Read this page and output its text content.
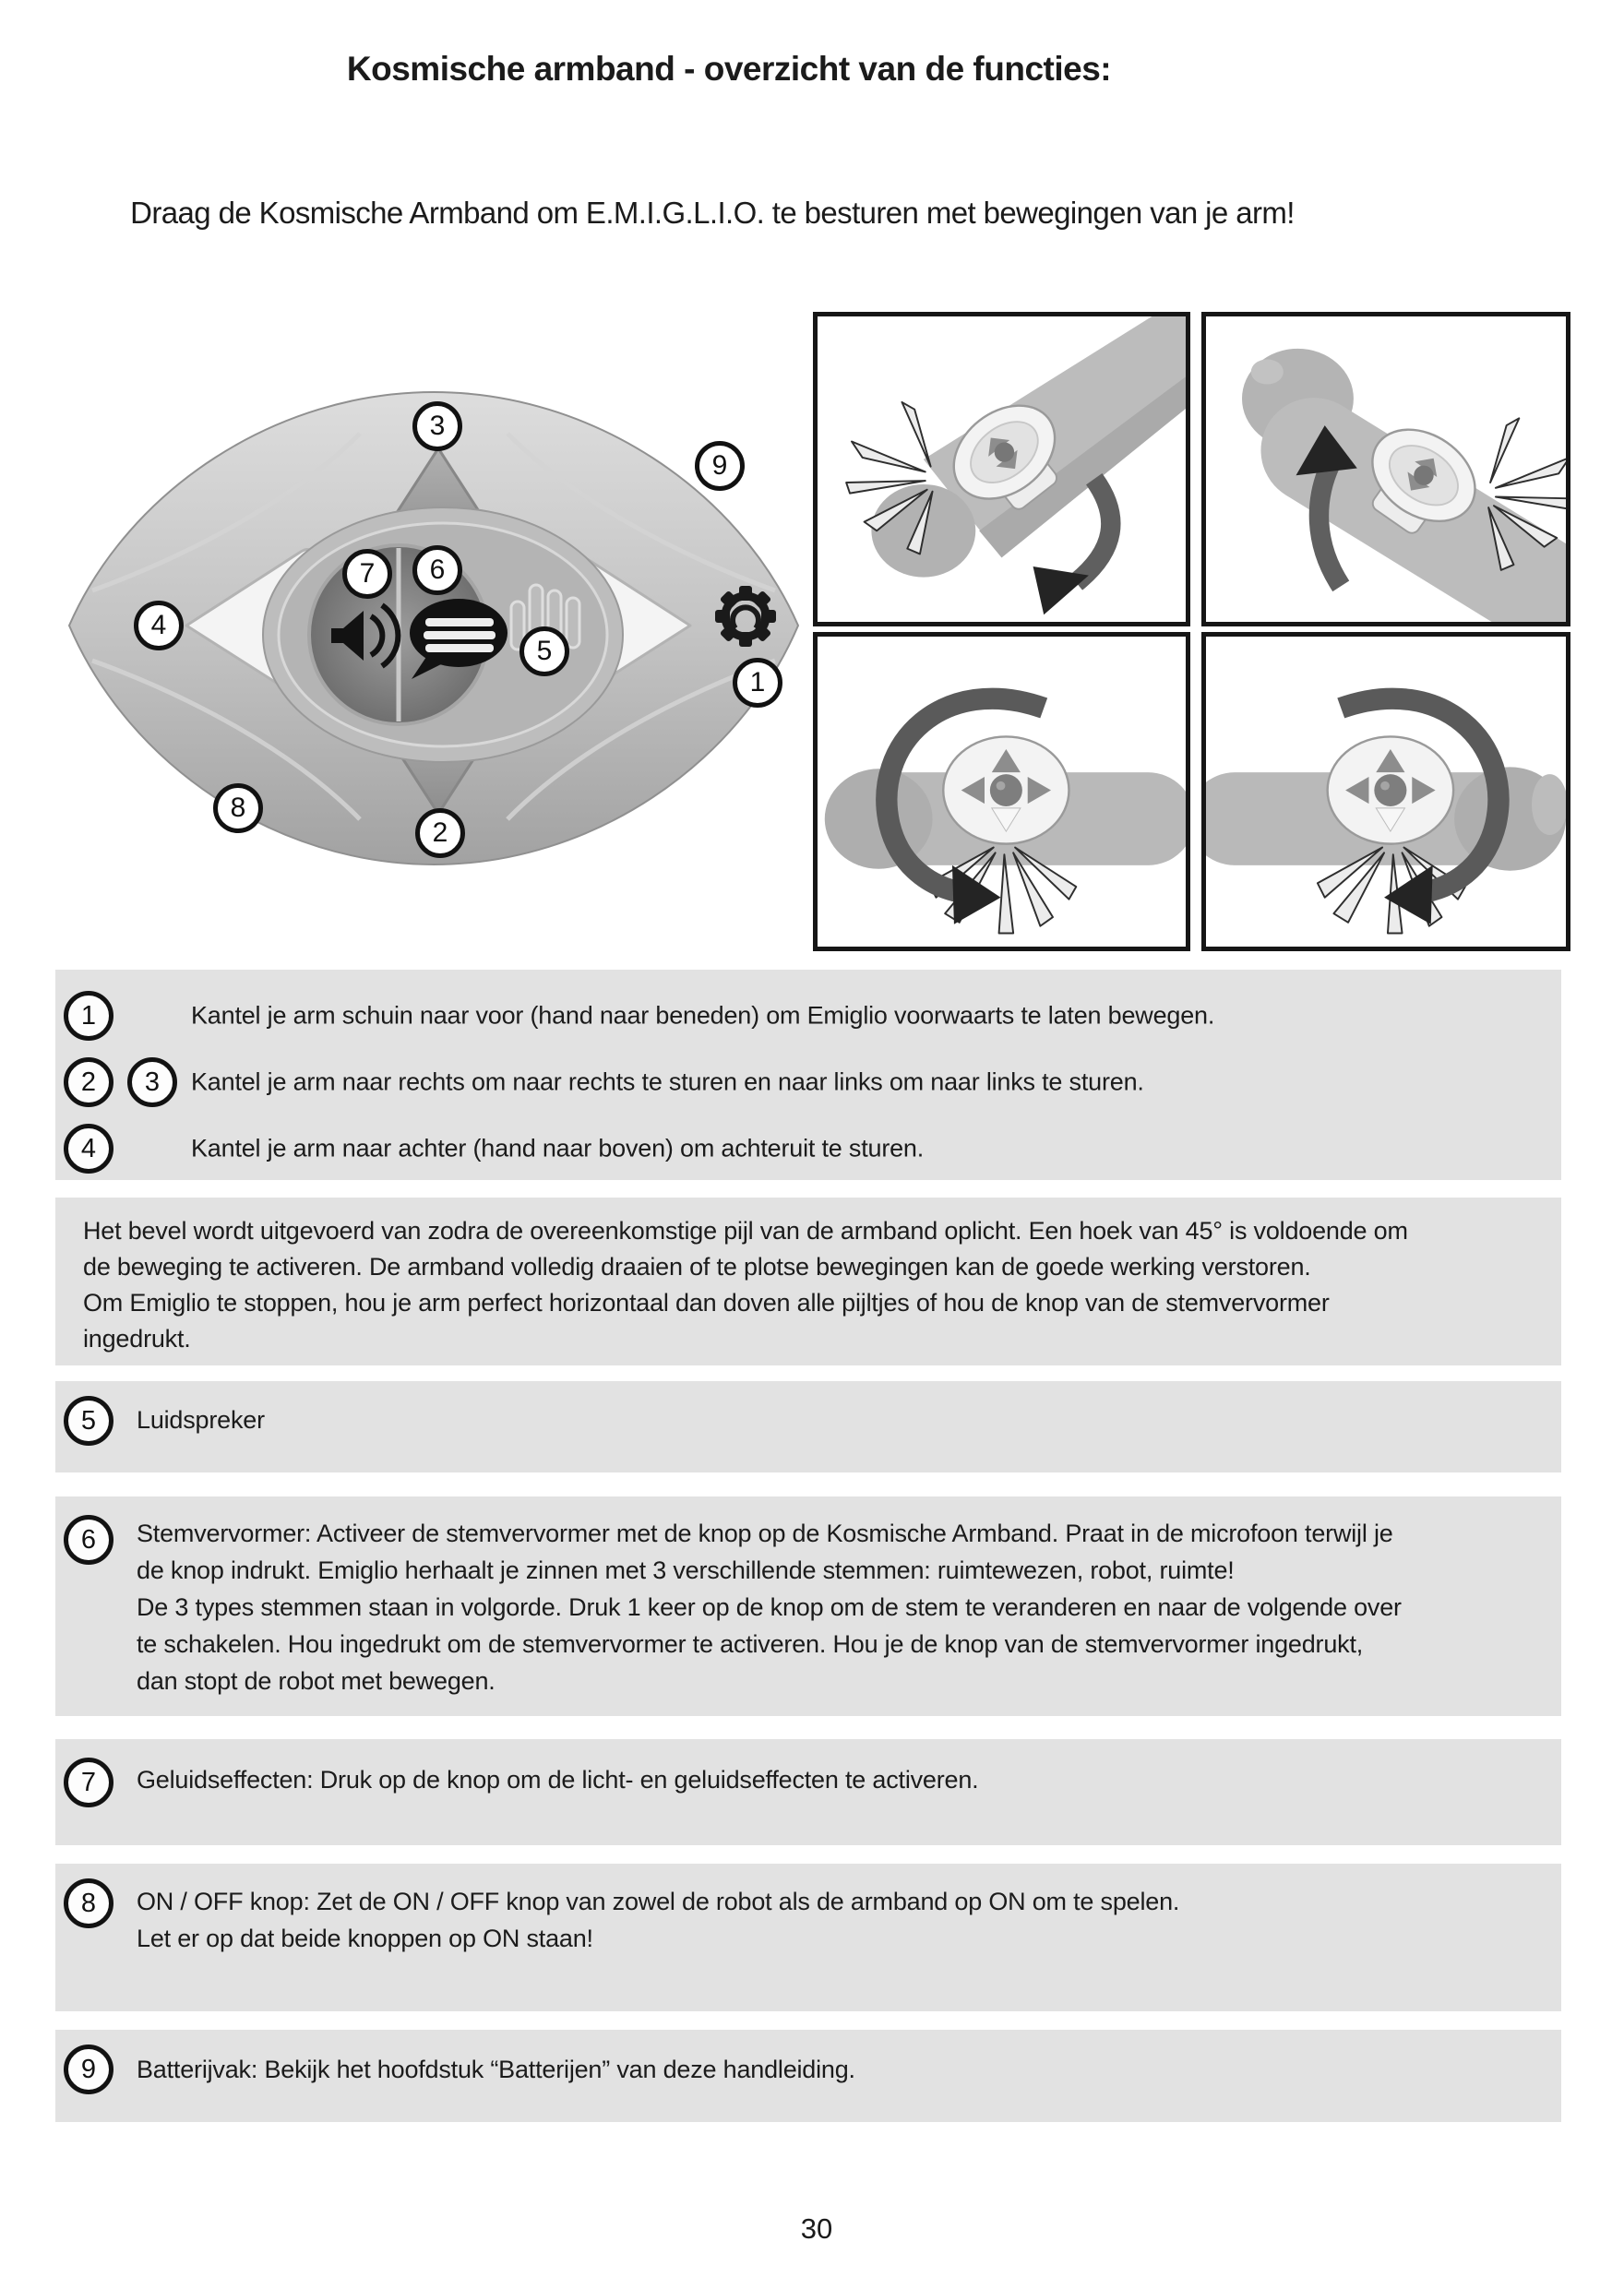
Kosmische armband - overzicht van de functies:
Draag de Kosmische Armband om E.M.I.G.L.I.O. te besturen met bewegingen van je arm!
1
2
3
4
5
6
7
8
9
1	Kantel je arm schuin naar voor (hand naar beneden) om Emiglio voorwaarts te laten bewegen.
2 3 Kantel je arm naar rechts om naar rechts te sturen en naar links om naar links te sturen.
4	Kantel je arm naar achter (hand naar boven) om achteruit te sturen.
Het bevel wordt uitgevoerd van zodra de overeenkomstige pijl van de armband oplicht. Een hoek van 45° is voldoende om
de beweging te activeren. De armband volledig draaien of te plotse bewegingen kan de goede werking verstoren.
Om Emiglio te stoppen, hou je arm perfect horizontaal dan doven alle pijltjes of hou de knop van de stemvervormer
ingedrukt.
5 Luidspreker
6 Stemvervormer: Activeer de stemvervormer met de knop op de Kosmische Armband. Praat in de microfoon terwijl je
de knop indrukt. Emiglio herhaalt je zinnen met 3 verschillende stemmen: ruimtewezen, robot, ruimte!
De 3 types stemmen staan in volgorde. Druk 1 keer op de knop om de stem te veranderen en naar de volgende over
te schakelen. Hou ingedrukt om de stemvervormer te activeren. Hou je de knop van de stemvervormer ingedrukt,
dan stopt de robot met bewegen.
7 Geluidseffecten: Druk op de knop om de licht- en geluidseffecten te activeren.
8 ON / OFF knop: Zet de ON / OFF knop van zowel de robot als de armband op ON om te spelen.
Let er op dat beide knoppen op ON staan!
9 Batterijvak: Bekijk het hoofdstuk “Batterijen” van deze handleiding.
30
